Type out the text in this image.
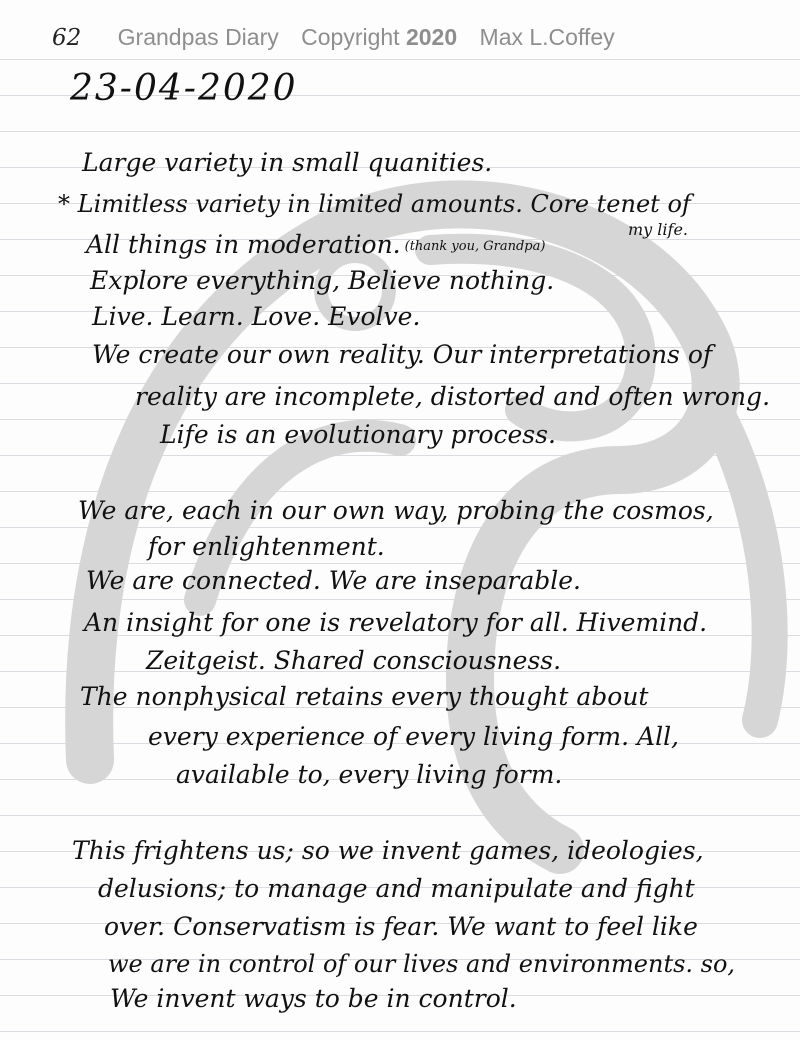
62 Grandpas Diary Copyright 2020 Max L.Coffey
23-04-2020

Large variety in small quanities.

* Limitless variety in limited amounts. Core tenet of

my life.

All things in moderation. (thank you, Grandpa)

Explore everything, Believe nothing.

Live. Learn. Love. Evolve.

We create our own reality. Our interpretations of

reality are incomplete, distorted and often wrong.

Life is an evolutionary process.

We are, each in our own way, probing the cosmos,

for enlightenment.

We are connected. We are inseparable.

An insight for one is revelatory for all. Hivemind.

Zeitgeist. Shared consciousness.

The nonphysical retains every thought about

every experience of every living form. All,

available to, every living form.

This frightens us; so we invent games, ideologies,

delusions; to manage and manipulate and fight

over. Conservatism is fear. We want to feel like

we are in control of our lives and environments. so,

We invent ways to be in control.
